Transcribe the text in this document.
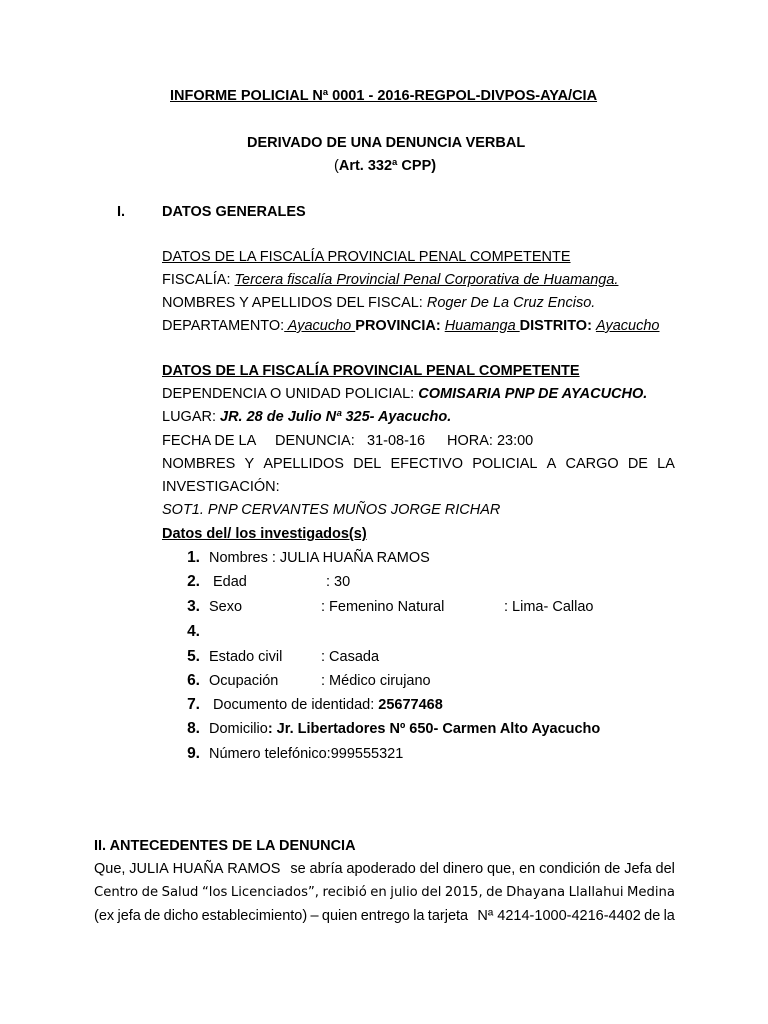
INFORME POLICIAL Nª 0001 - 2016-REGPOL-DIVPOS-AYA/CIA
DERIVADO DE UNA DENUNCIA VERBAL
(Art. 332ª CPP)
I.	DATOS GENERALES
DATOS DE LA FISCALÍA PROVINCIAL PENAL COMPETENTE
FISCALÍA: Tercera fiscalía Provincial Penal Corporativa de Huamanga.
NOMBRES Y APELLIDOS DEL FISCAL: Roger De La Cruz Enciso.
DEPARTAMENTO: Ayacucho PROVINCIA: Huamanga DISTRITO: Ayacucho
DATOS DE LA FISCALÍA PROVINCIAL PENAL COMPETENTE
DEPENDENCIA O UNIDAD POLICIAL: COMISARIA PNP DE AYACUCHO.
LUGAR: JR. 28 de Julio Nª 325- Ayacucho.
FECHA DE LA DENUNCIA: 31-08-16 HORA: 23:00
NOMBRES Y APELLIDOS DEL EFECTIVO POLICIAL A CARGO DE LA
INVESTIGACIÓN:
SOT1. PNP CERVANTES MUÑOS JORGE RICHAR
Datos del/ los investigados(s)
1. Nombres : JULIA HUAÑA RAMOS
2. Edad	: 30
3. Sexo	: Femenino Natural	: Lima- Callao
4.
5. Estado civil	: Casada
6. Ocupación	: Médico cirujano
7. Documento de identidad: 25677468
8. Domicilio: Jr. Libertadores Nº 650- Carmen Alto Ayacucho
9. Número telefónico:999555321
II. ANTECEDENTES DE LA DENUNCIA
Que, JULIA HUAÑA RAMOS se abría apoderado del dinero que, en condición de Jefa del
Centro de Salud “los Licenciados”, recibió en julio del 2015, de Dhayana Llallahui Medina
(ex jefa de dicho establecimiento) – quien entrego la tarjeta Nª 4214-1000-4216-4402 de la
